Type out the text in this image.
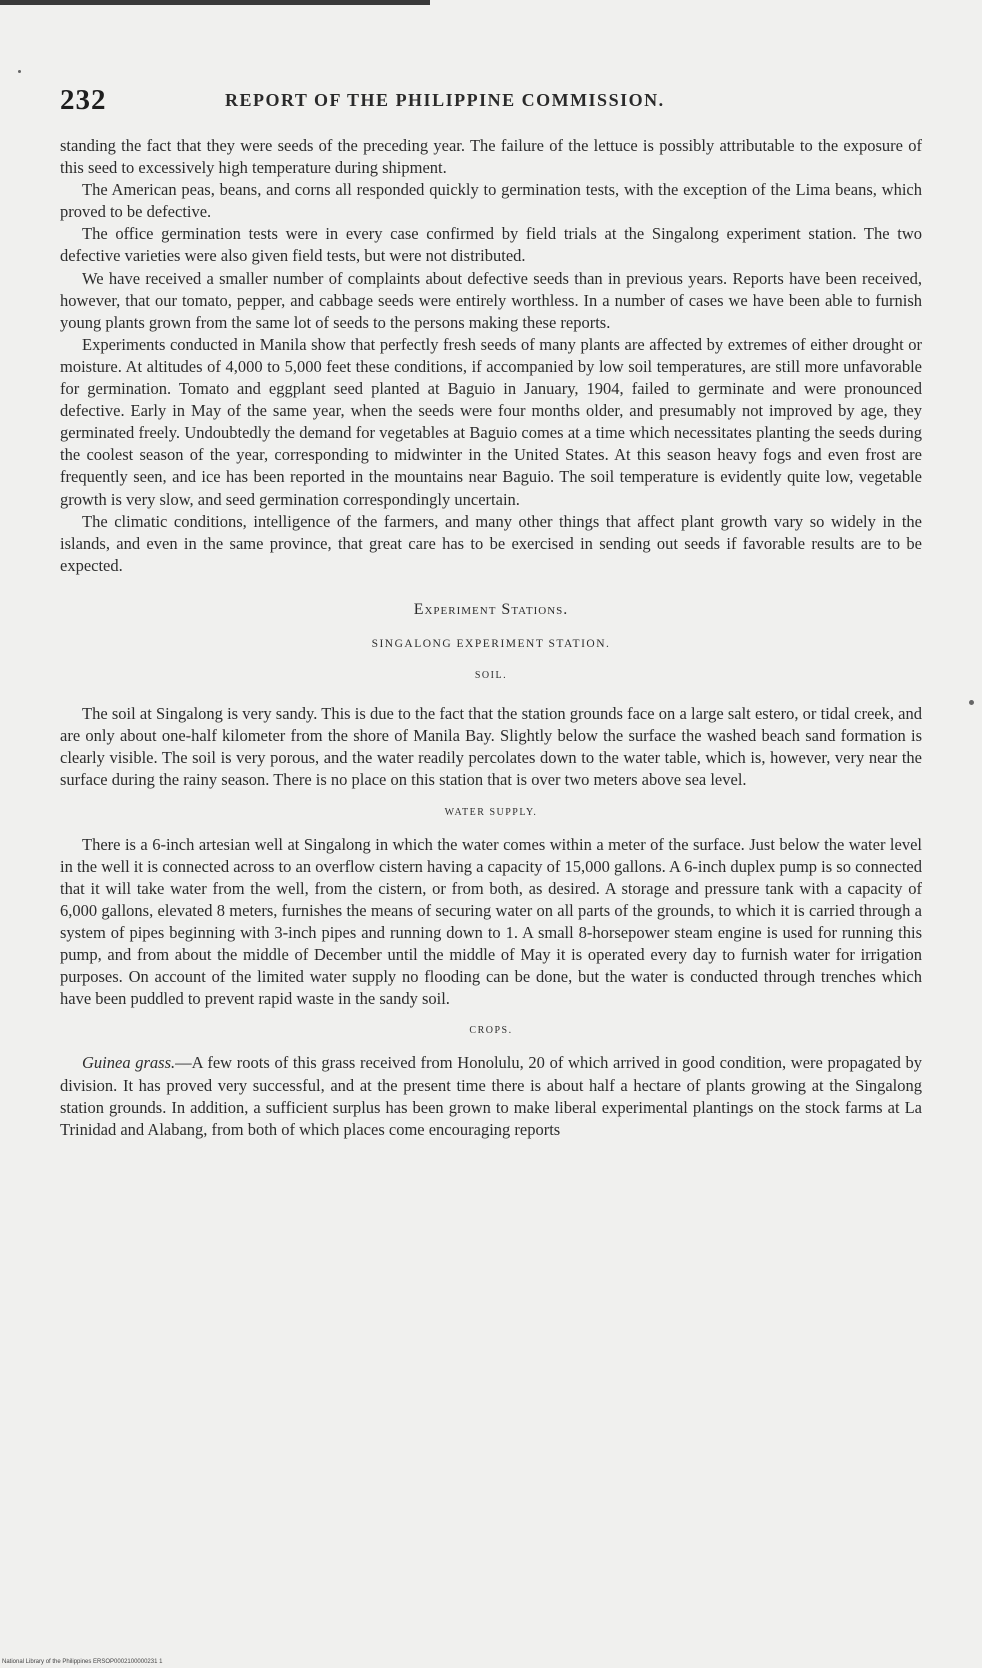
232	REPORT OF THE PHILIPPINE COMMISSION.

standing the fact that they were seeds of the preceding year. The failure of the lettuce is possibly attributable to the exposure of this seed to excessively high temperature during shipment.

The American peas, beans, and corns all responded quickly to germination tests, with the exception of the Lima beans, which proved to be defective.

The office germination tests were in every case confirmed by field trials at the Singalong experiment station. The two defective varieties were also given field tests, but were not distributed.

We have received a smaller number of complaints about defective seeds than in previous years. Reports have been received, however, that our tomato, pepper, and cabbage seeds were entirely worthless. In a number of cases we have been able to furnish young plants grown from the same lot of seeds to the persons making these reports.

Experiments conducted in Manila show that perfectly fresh seeds of many plants are affected by extremes of either drought or moisture. At altitudes of 4,000 to 5,000 feet these conditions, if accompanied by low soil temperatures, are still more unfavorable for germination. Tomato and eggplant seed planted at Baguio in January, 1904, failed to germinate and were pronounced defective. Early in May of the same year, when the seeds were four months older, and presumably not improved by age, they germinated freely. Undoubtedly the demand for vegetables at Baguio comes at a time which necessitates planting the seeds during the coolest season of the year, corresponding to midwinter in the United States. At this season heavy fogs and even frost are frequently seen, and ice has been reported in the mountains near Baguio. The soil temperature is evidently quite low, vegetable growth is very slow, and seed germination correspondingly uncertain.

The climatic conditions, intelligence of the farmers, and many other things that affect plant growth vary so widely in the islands, and even in the same province, that great care has to be exercised in sending out seeds if favorable results are to be expected.

Experiment Stations.
SINGALONG EXPERIMENT STATION.
SOIL.

The soil at Singalong is very sandy. This is due to the fact that the station grounds face on a large salt estero, or tidal creek, and are only about one-half kilometer from the shore of Manila Bay. Slightly below the surface the washed beach sand formation is clearly visible. The soil is very porous, and the water readily percolates down to the water table, which is, however, very near the surface during the rainy season. There is no place on this station that is over two meters above sea level.

WATER SUPPLY.

There is a 6-inch artesian well at Singalong in which the water comes within a meter of the surface. Just below the water level in the well it is connected across to an overflow cistern having a capacity of 15,000 gallons. A 6-inch duplex pump is so connected that it will take water from the well, from the cistern, or from both, as desired. A storage and pressure tank with a capacity of 6,000 gallons, elevated 8 meters, furnishes the means of securing water on all parts of the grounds, to which it is carried through a system of pipes beginning with 3-inch pipes and running down to 1. A small 8-horsepower steam engine is used for running this pump, and from about the middle of December until the middle of May it is operated every day to furnish water for irrigation purposes. On account of the limited water supply no flooding can be done, but the water is conducted through trenches which have been puddled to prevent rapid waste in the sandy soil.

CROPS.

Guinea grass.—A few roots of this grass received from Honolulu, 20 of which arrived in good condition, were propagated by division. It has proved very successful, and at the present time there is about half a hectare of plants growing at the Singalong station grounds. In addition, a sufficient surplus has been grown to make liberal experimental plantings on the stock farms at La Trinidad and Alabang, from both of which places come encouraging reports

National Library of the Philippines ERSOP0002100000231 1
